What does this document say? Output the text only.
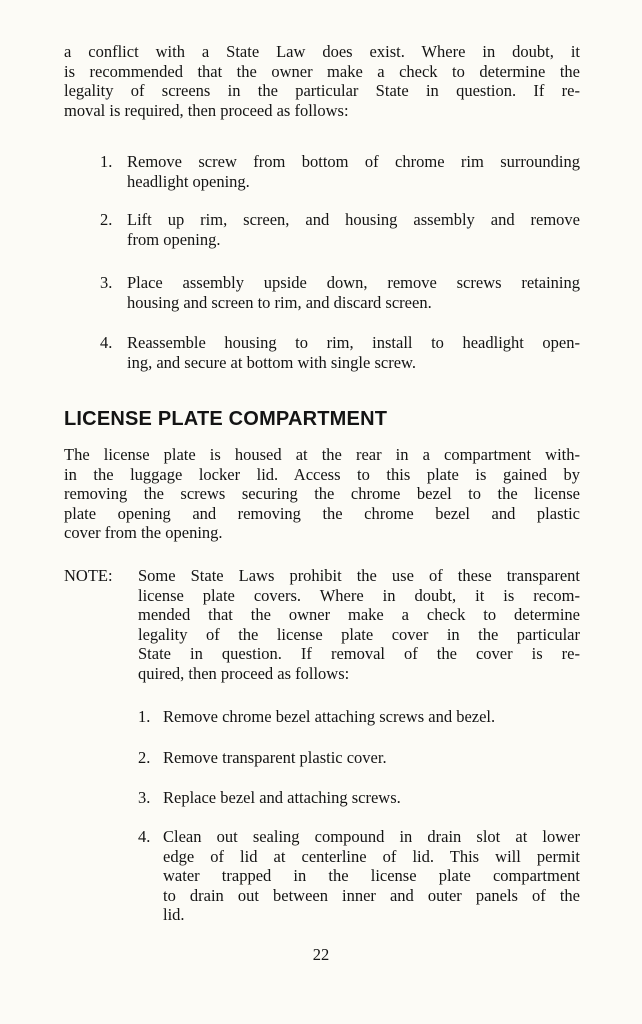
LICENSE PLATE COMPARTMENT
NOTE:
22
a conflict with a State Law does exist. Where in doubt, it
is recommended that the owner make a check to determine the
legality of screens in the particular State in question. If re-
moval is required, then proceed as follows:
1. Remove screw from bottom of chrome rim surrounding
headlight opening.
2. Lift up rim, screen, and housing assembly and remove
from opening.
3. Place assembly upside down, remove screws retaining
housing and screen to rim, and discard screen.
4. Reassemble housing to rim, install to headlight open-
ing, and secure at bottom with single screw.
The license plate is housed at the rear in a compartment with-
in the luggage locker lid. Access to this plate is gained by
removing the screws securing the chrome bezel to the license
plate opening and removing the chrome bezel and plastic
cover from the opening.
Some State Laws prohibit the use of these transparent
license plate covers. Where in doubt, it is recom-
mended that the owner make a check to determine
legality of the license plate cover in the particular
State in question. If removal of the cover is re-
quired, then proceed as follows:
1. Remove chrome bezel attaching screws and bezel.
2. Remove transparent plastic cover.
3. Replace bezel and attaching screws.
4. Clean out sealing compound in drain slot at lower
edge of lid at centerline of lid. This will permit
water trapped in the license plate compartment
to drain out between inner and outer panels of the
lid.
